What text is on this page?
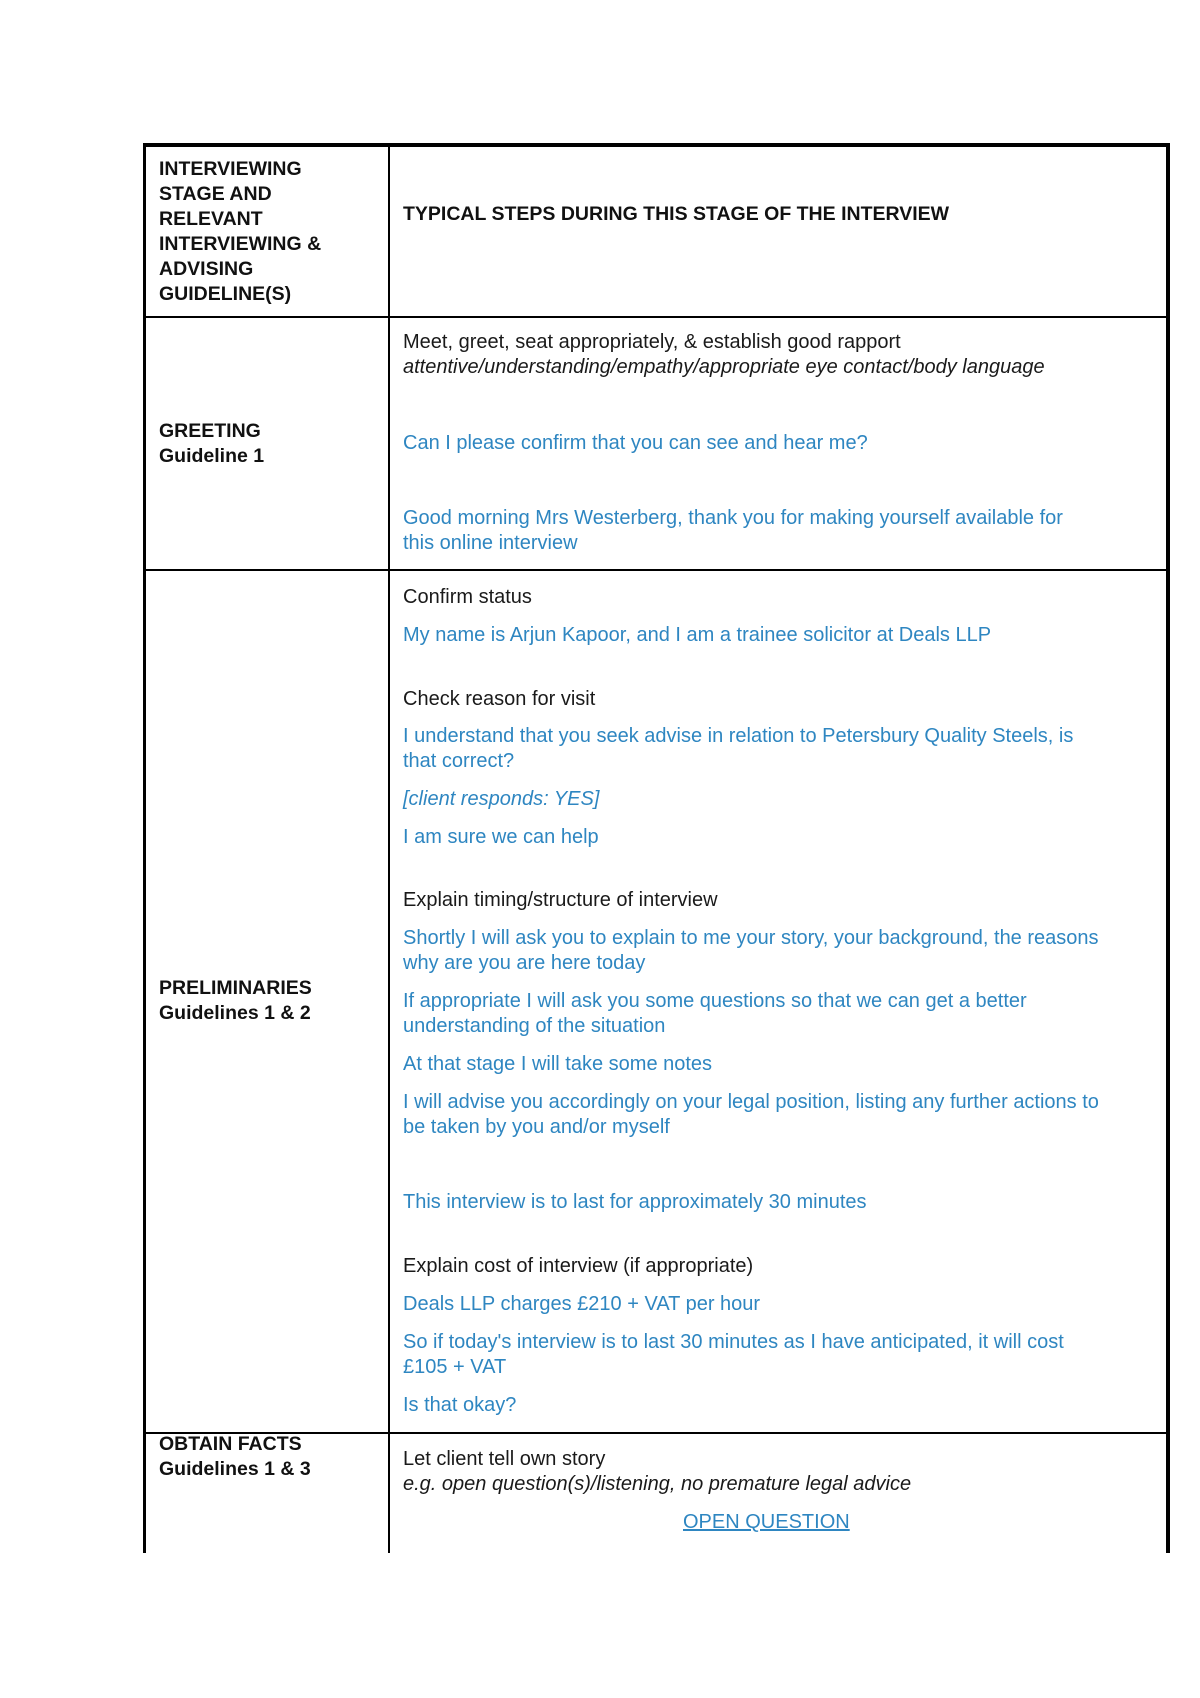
INTERVIEWING
STAGE AND
RELEVANT
INTERVIEWING &
ADVISING
GUIDELINE(S)
TYPICAL STEPS DURING THIS STAGE OF THE INTERVIEW
GREETING
Guideline 1
Meet, greet, seat appropriately, & establish good rapport
attentive/understanding/empathy/appropriate eye contact/body language
Can I please confirm that you can see and hear me?
Good morning Mrs Westerberg, thank you for making yourself available for
this online interview
PRELIMINARIES
Guidelines 1 & 2
Confirm status
My name is Arjun Kapoor, and I am a trainee solicitor at Deals LLP
Check reason for visit
I understand that you seek advise in relation to Petersbury Quality Steels, is
that correct?
[client responds: YES]
I am sure we can help
Explain timing/structure of interview
Shortly I will ask you to explain to me your story, your background, the reasons
why are you are here today
If appropriate I will ask you some questions so that we can get a better
understanding of the situation
At that stage I will take some notes
I will advise you accordingly on your legal position, listing any further actions to
be taken by you and/or myself
This interview is to last for approximately 30 minutes
Explain cost of interview (if appropriate)
Deals LLP charges £210 + VAT per hour
So if today's interview is to last 30 minutes as I have anticipated, it will cost
£105 + VAT
Is that okay?
OBTAIN FACTS
Guidelines 1 & 3	Let client tell own story
e.g. open question(s)/listening, no premature legal advice
OPEN QUESTION
